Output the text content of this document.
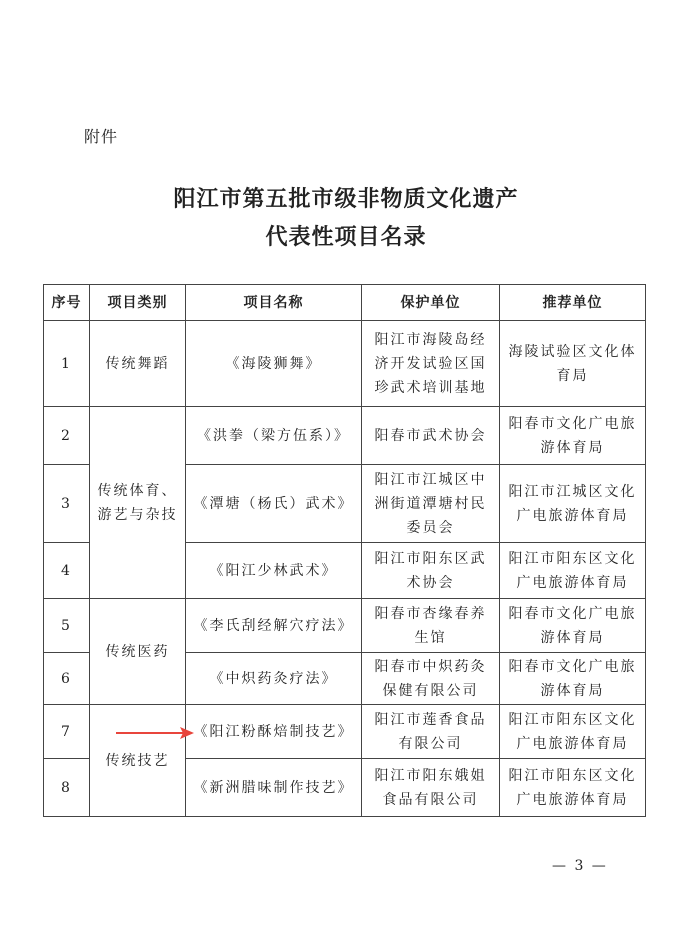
附件
阳江市第五批市级非物质文化遗产
代表性项目名录
序号	项目类别	项目名称	保护单位	推荐单位
1	传统舞蹈	《海陵狮舞》	阳江市海陵岛经济开发试验区国珍武术培训基地	海陵试验区文化体育局
2	传统体育、游艺与杂技	《洪拳（梁方伍系）》	阳春市武术协会	阳春市文化广电旅游体育局
3		《潭塘（杨氏）武术》	阳江市江城区中洲街道潭塘村民委员会	阳江市江城区文化广电旅游体育局
4		《阳江少林武术》	阳江市阳东区武术协会	阳江市阳东区文化广电旅游体育局
5	传统医药	《李氏刮经解穴疗法》	阳春市杏缘春养生馆	阳春市文化广电旅游体育局
6		《中炽药灸疗法》	阳春市中炽药灸保健有限公司	阳春市文化广电旅游体育局
7	传统技艺	《阳江粉酥焙制技艺》	阳江市莲香食品有限公司	阳江市阳东区文化广电旅游体育局
8		《新洲腊味制作技艺》	阳江市阳东娥姐食品有限公司	阳江市阳东区文化广电旅游体育局
— 3 —
